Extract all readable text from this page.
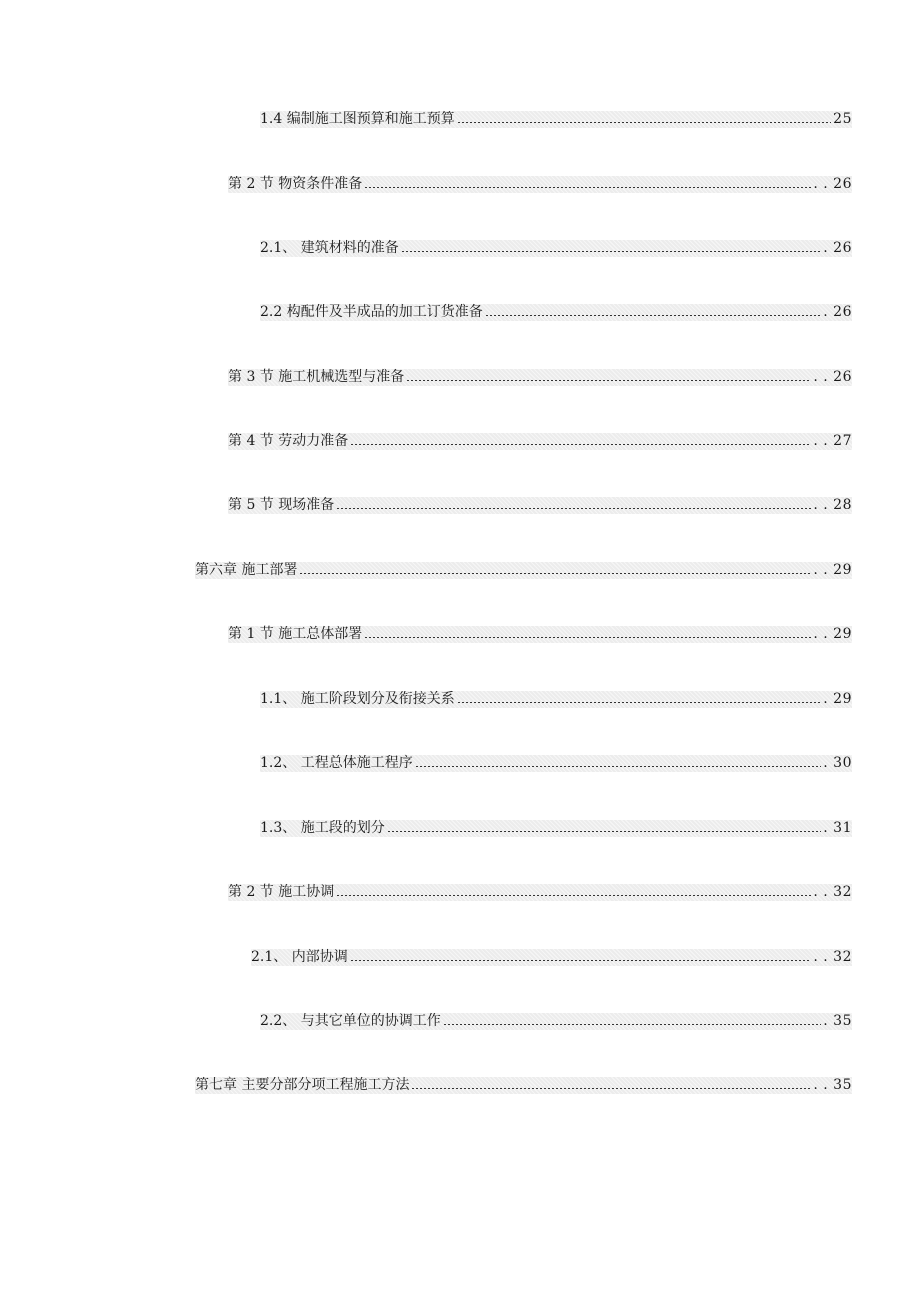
1.4 编制施工图预算和施工预算	25
第 2 节 物资条件准备	. . 26
2.1、 建筑材料的准备	. 26
2.2 构配件及半成品的加工订货准备	. 26
第 3 节 施工机械选型与准备	. . 26
第 4 节 劳动力准备	. . 27
第 5 节 现场准备	. . 28
第六章 施工部署	. . 29
第 1 节 施工总体部署	. . 29
1.1、 施工阶段划分及衔接关系	. 29
1.2、 工程总体施工程序	. 30
1.3、 施工段的划分	. 31
第 2 节 施工协调	. . 32
2.1、 内部协调	. . 32
2.2、 与其它单位的协调工作	. 35
第七章 主要分部分项工程施工方法	. . 35
